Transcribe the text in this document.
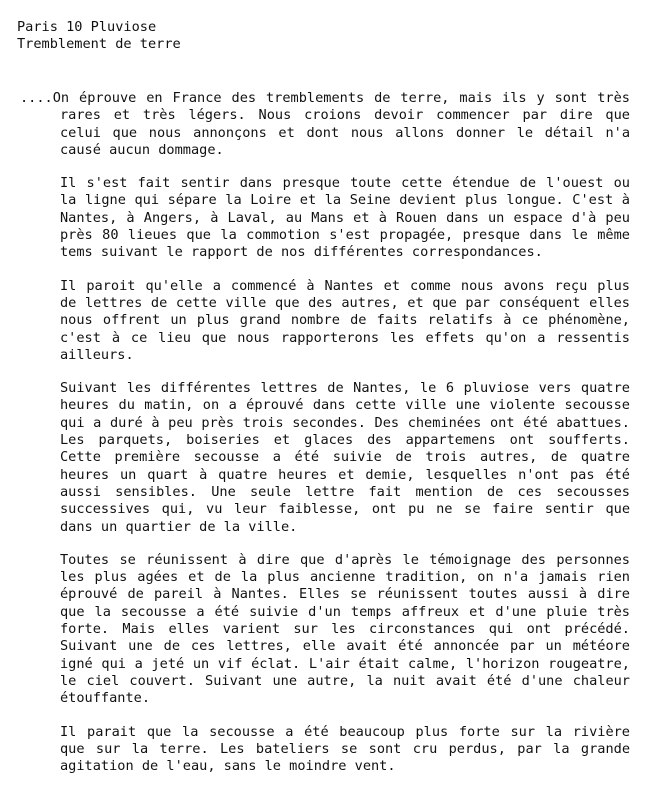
Paris 10 Pluviose
Tremblement de terre

....On éprouve en France des tremblements de terre, mais ils y sont très rares et très légers. Nous croions devoir commencer par dire que celui que nous annonçons et dont nous allons donner le détail n'a causé aucun dommage.

Il s'est fait sentir dans presque toute cette étendue de l'ouest ou la ligne qui sépare la Loire et la Seine devient plus longue. C'est à Nantes, à Angers, à Laval, au Mans et à Rouen dans un espace d'à peu près 80 lieues que la commotion s'est propagée, presque dans le même tems suivant le rapport de nos différentes correspondances.

Il paroit qu'elle a commencé à Nantes et comme nous avons reçu plus de lettres de cette ville que des autres, et que par conséquent elles nous offrent un plus grand nombre de faits relatifs à ce phénomène, c'est à ce lieu que nous rapporterons les effets qu'on a ressentis ailleurs.

Suivant les différentes lettres de Nantes, le 6 pluviose vers quatre heures du matin, on a éprouvé dans cette ville une violente secousse qui a duré à peu près trois secondes. Des cheminées ont été abattues. Les parquets, boiseries et glaces des appartemens ont soufferts. Cette première secousse a été suivie de trois autres, de quatre heures un quart à quatre heures et demie, lesquelles n'ont pas été aussi sensibles. Une seule lettre fait mention de ces secousses successives qui, vu leur faiblesse, ont pu ne se faire sentir que dans un quartier de la ville.

Toutes se réunissent à dire que d'après le témoignage des personnes les plus agées et de la plus ancienne tradition, on n'a jamais rien éprouvé de pareil à Nantes. Elles se réunissent toutes aussi à dire que la secousse a été suivie d'un temps affreux et d'une pluie très forte. Mais elles varient sur les circonstances qui ont précédé. Suivant une de ces lettres, elle avait été annoncée par un météore igné qui a jeté un vif éclat. L'air était calme, l'horizon rougeatre, le ciel couvert. Suivant une autre, la nuit avait été d'une chaleur étouffante.

Il parait que la secousse a été beaucoup plus forte sur la rivière que sur la terre. Les bateliers se sont cru perdus, par la grande agitation de l'eau, sans le moindre vent.
